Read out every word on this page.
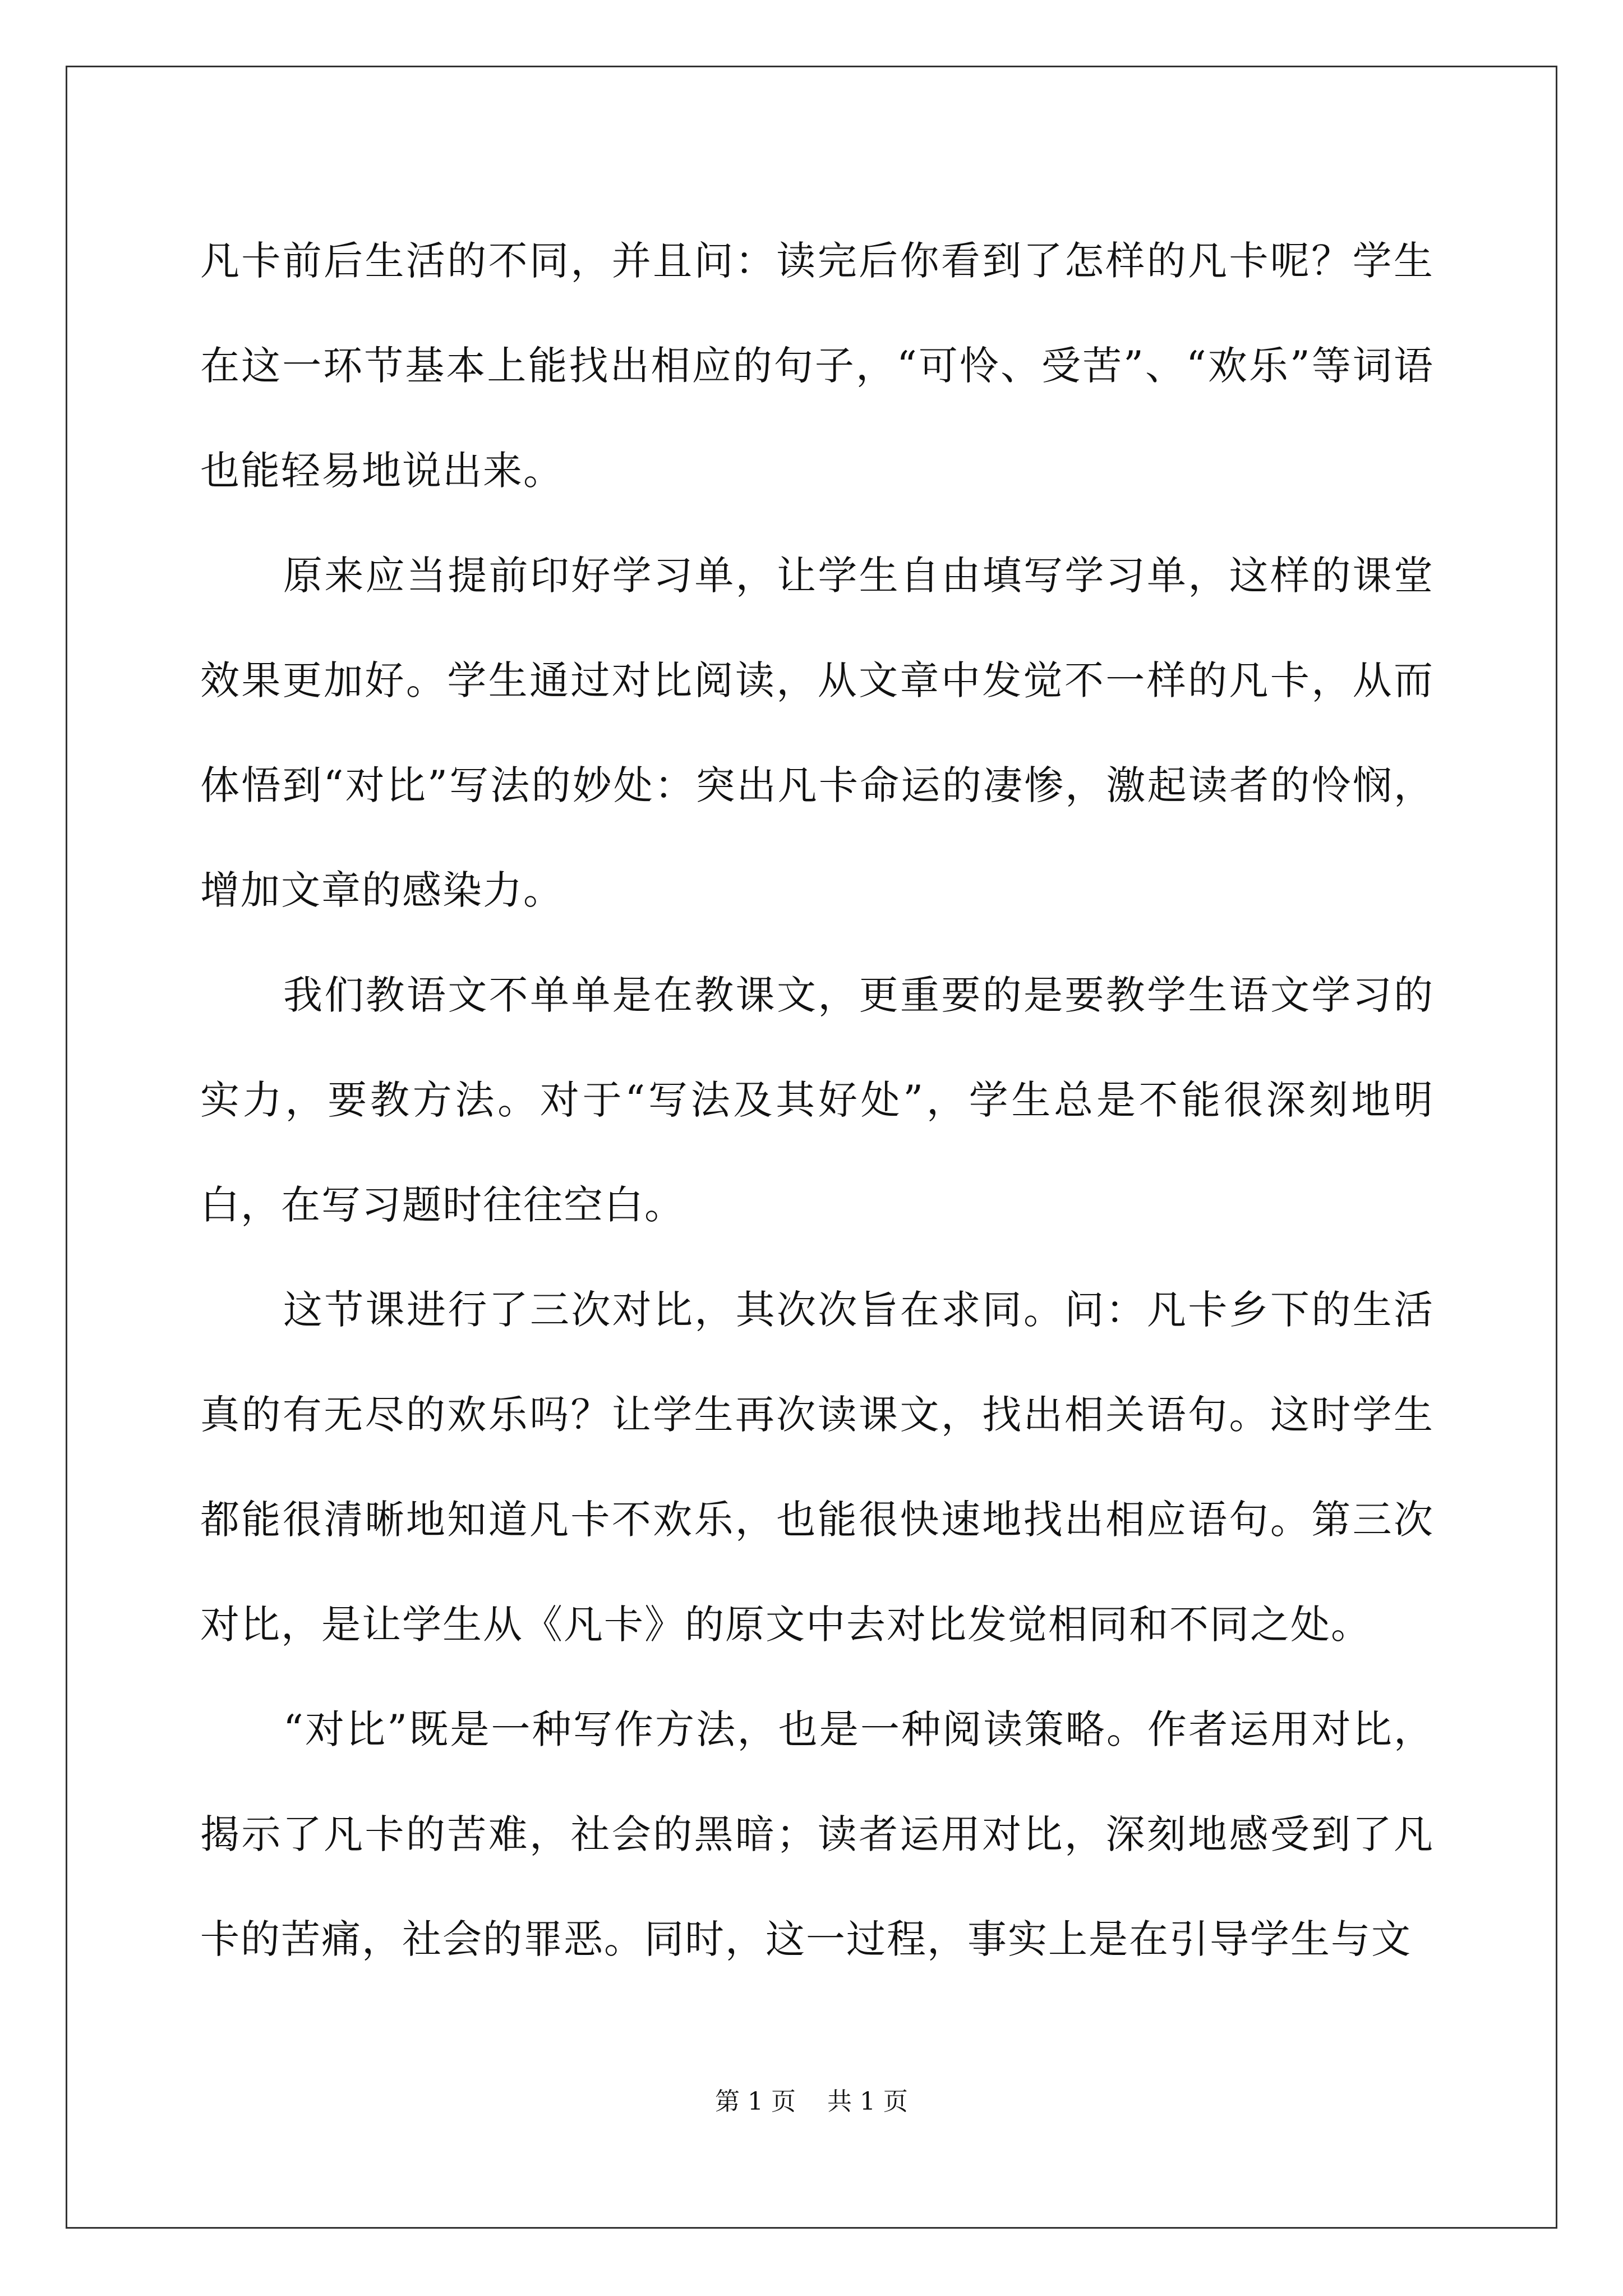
凡卡前后生活的不同，并且问：读完后你看到了怎样的凡卡呢？学生在这一环节基本上能找出相应的句子，“可怜、受苦”、“欢乐”等词语也能轻易地说出来。

原来应当提前印好学习单，让学生自由填写学习单，这样的课堂效果更加好。学生通过对比阅读，从文章中发觉不一样的凡卡，从而体悟到“对比”写法的妙处：突出凡卡命运的凄惨，激起读者的怜悯，增加文章的感染力。

我们教语文不单单是在教课文，更重要的是要教学生语文学习的实力，要教方法。对于“写法及其好处”，学生总是不能很深刻地明白，在写习题时往往空白。

这节课进行了三次对比，其次次旨在求同。问：凡卡乡下的生活真的有无尽的欢乐吗？让学生再次读课文，找出相关语句。这时学生都能很清晰地知道凡卡不欢乐，也能很快速地找出相应语句。第三次对比，是让学生从《凡卡》的原文中去对比发觉相同和不同之处。

“对比”既是一种写作方法，也是一种阅读策略。作者运用对比，揭示了凡卡的苦难，社会的黑暗；读者运用对比，深刻地感受到了凡卡的苦痛，社会的罪恶。同时，这一过程，事实上是在引导学生与文

第 1 页    共 1 页
